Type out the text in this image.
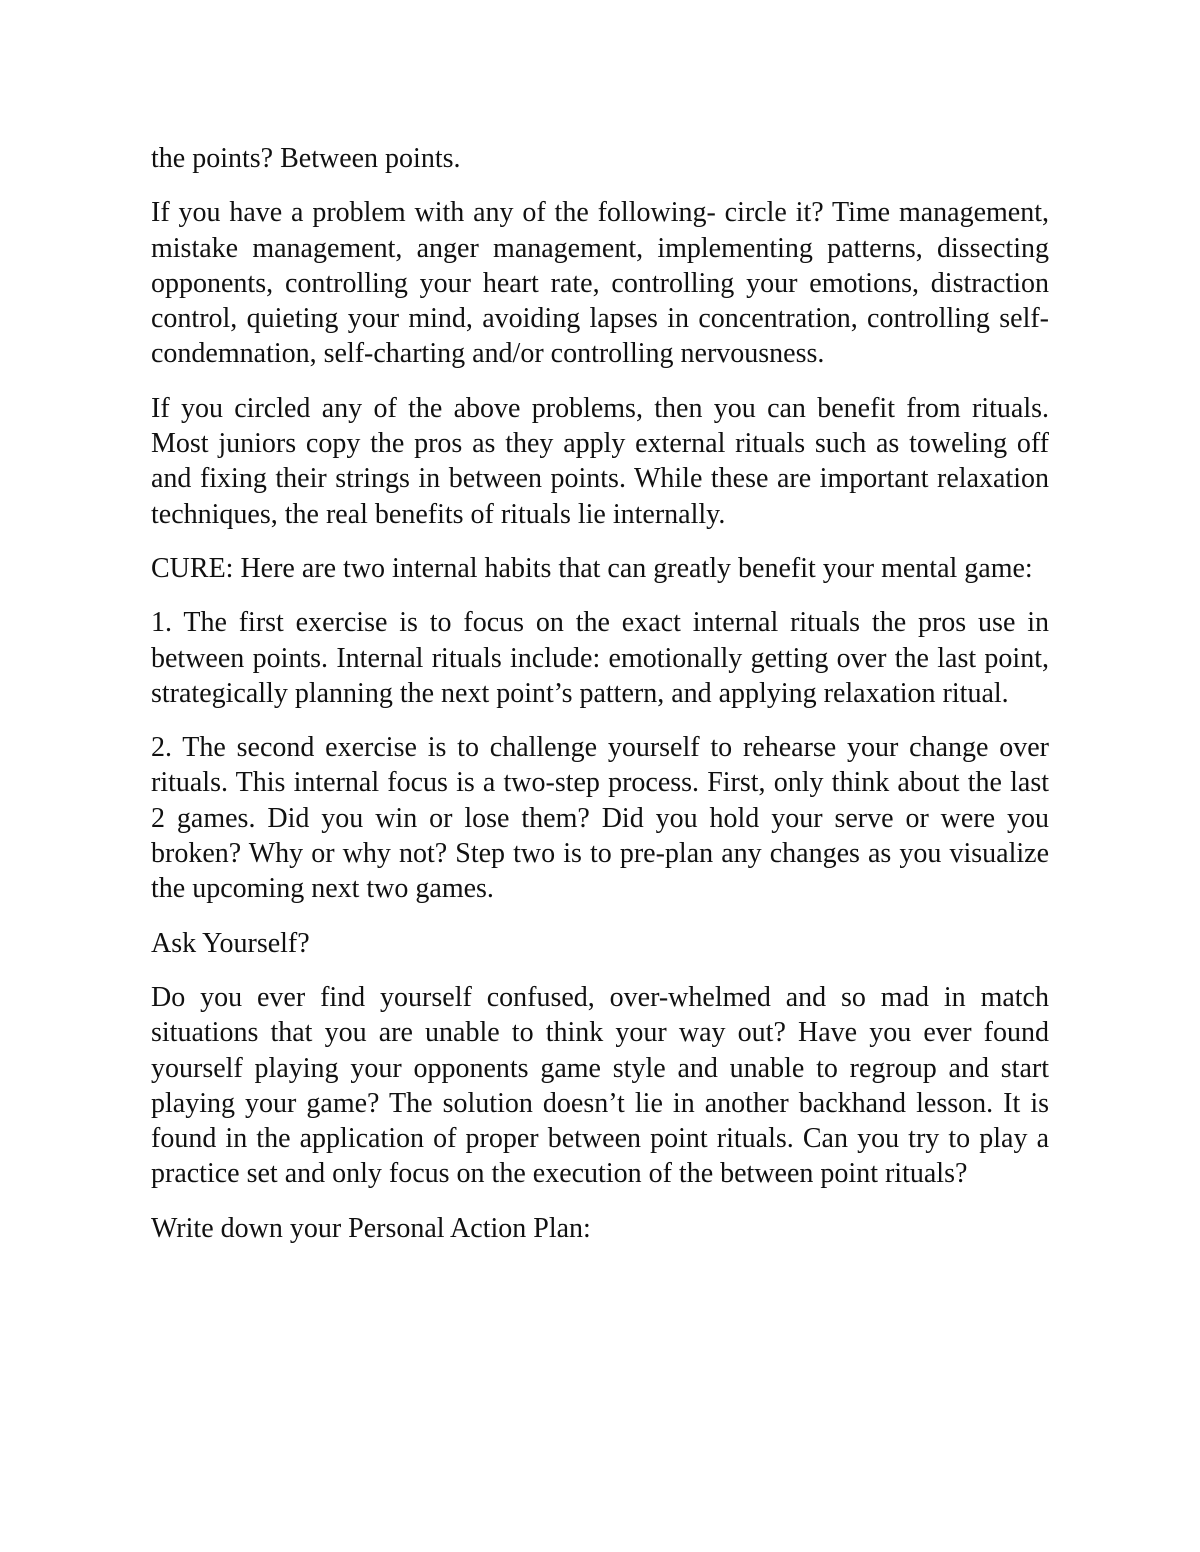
the points? Between points.

If you have a problem with any of the following- circle it? Time management, mistake management, anger management, implementing patterns, dissecting opponents, controlling your heart rate, controlling your emotions, distraction control, quieting your mind, avoiding lapses in concentration, controlling self-condemnation, self-charting and/or controlling nervousness.

If you circled any of the above problems, then you can benefit from rituals. Most juniors copy the pros as they apply external rituals such as toweling off and fixing their strings in between points. While these are important relaxation techniques, the real benefits of rituals lie internally.

CURE: Here are two internal habits that can greatly benefit your mental game:

1. The first exercise is to focus on the exact internal rituals the pros use in between points. Internal rituals include: emotionally getting over the last point, strategically planning the next point’s pattern, and applying relaxation ritual.

2. The second exercise is to challenge yourself to rehearse your change over rituals. This internal focus is a two-step process. First, only think about the last 2 games. Did you win or lose them? Did you hold your serve or were you broken? Why or why not? Step two is to pre-plan any changes as you visualize the upcoming next two games.

Ask Yourself?

Do you ever find yourself confused, over-whelmed and so mad in match situations that you are unable to think your way out? Have you ever found yourself playing your opponents game style and unable to regroup and start playing your game? The solution doesn’t lie in another backhand lesson. It is found in the application of proper between point rituals. Can you try to play a practice set and only focus on the execution of the between point rituals?

Write down your Personal Action Plan:
